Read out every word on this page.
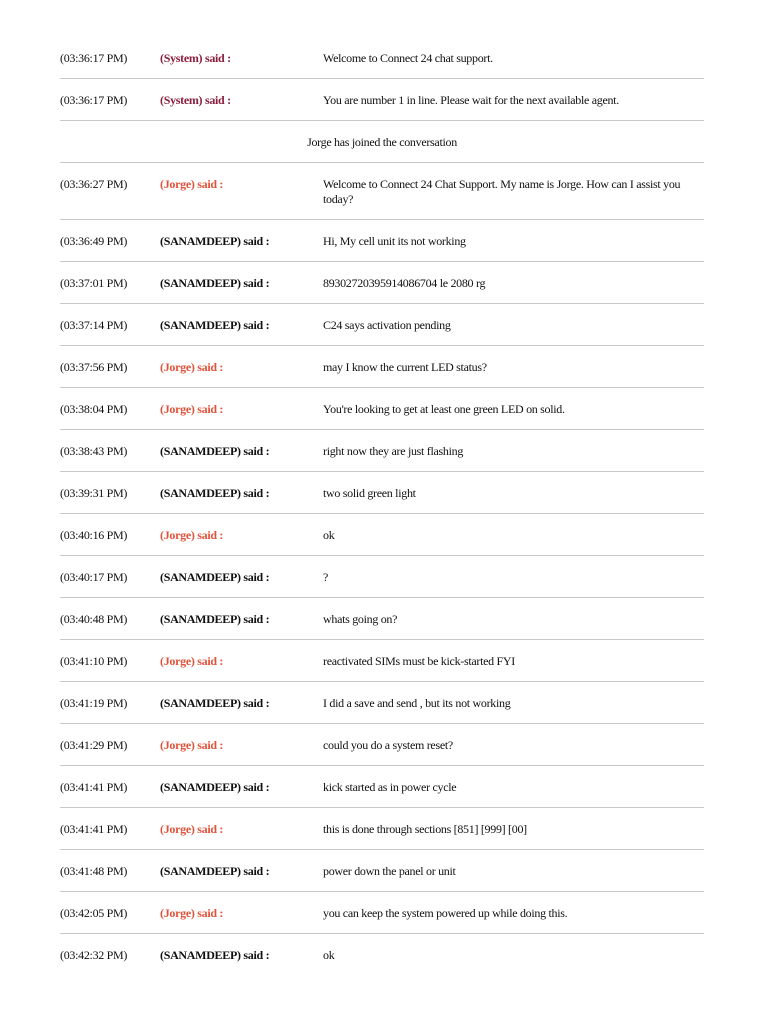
(03:36:17 PM)	(System) said :	Welcome to Connect 24 chat support.
(03:36:17 PM)	(System) said :	You are number 1 in line. Please wait for the next available agent.
Jorge has joined the conversation
(03:36:27 PM)	(Jorge) said :	Welcome to Connect 24 Chat Support. My name is Jorge. How can I assist you today?
(03:36:49 PM)	(SANAMDEEP) said :	Hi, My cell unit its not working
(03:37:01 PM)	(SANAMDEEP) said :	89302720395914086704 le 2080 rg
(03:37:14 PM)	(SANAMDEEP) said :	C24 says activation pending
(03:37:56 PM)	(Jorge) said :	may I know the current LED status?
(03:38:04 PM)	(Jorge) said :	You're looking to get at least one green LED on solid.
(03:38:43 PM)	(SANAMDEEP) said :	right now they are just flashing
(03:39:31 PM)	(SANAMDEEP) said :	two solid green light
(03:40:16 PM)	(Jorge) said :	ok
(03:40:17 PM)	(SANAMDEEP) said :	?
(03:40:48 PM)	(SANAMDEEP) said :	whats going on?
(03:41:10 PM)	(Jorge) said :	reactivated SIMs must be kick-started FYI
(03:41:19 PM)	(SANAMDEEP) said :	I did a save and send , but its not working
(03:41:29 PM)	(Jorge) said :	could you do a system reset?
(03:41:41 PM)	(SANAMDEEP) said :	kick started as in power cycle
(03:41:41 PM)	(Jorge) said :	this is done through sections [851] [999] [00]
(03:41:48 PM)	(SANAMDEEP) said :	power down the panel or unit
(03:42:05 PM)	(Jorge) said :	you can keep the system powered up while doing this.
(03:42:32 PM)	(SANAMDEEP) said :	ok
